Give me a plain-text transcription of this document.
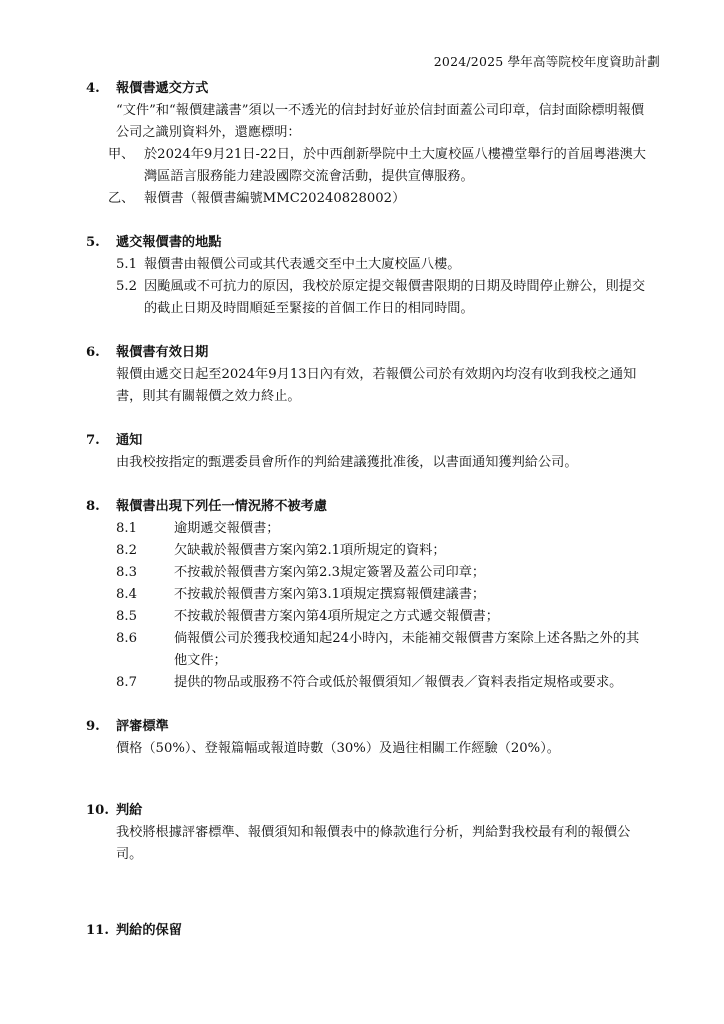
2024/2025 學年高等院校年度資助計劃
4.	報價書遞交方式

“文件”和“報價建議書”須以一不透光的信封封好並於信封面蓋公司印章，信封面除標明報價公司之識別資料外，還應標明：

甲、 於2024年9月21日-22日，於中西創新學院中土大廈校區八樓禮堂舉行的首屆粵港澳大灣區語言服務能力建設國際交流會活動，提供宣傳服務。
乙、 報價書（報價書編號MMC20240828002）
5.	遞交報價書的地點
5.1 報價書由報價公司或其代表遞交至中土大廈校區八樓。
5.2 因颱風或不可抗力的原因，我校於原定提交報價書限期的日期及時間停止辦公，則提交的截止日期及時間順延至緊接的首個工作日的相同時間。
6.	報價書有效日期

報價由遞交日起至2024年9月13日內有效，若報價公司於有效期內均沒有收到我校之通知書，則其有關報價之效力終止。

7.	通知

由我校按指定的甄選委員會所作的判給建議獲批准後，以書面通知獲判給公司。

8.	報價書出現下列任一情況將不被考慮
8.1	逾期遞交報價書；
8.2	欠缺載於報價書方案內第2.1項所規定的資料；
8.3	不按載於報價書方案內第2.3規定簽署及蓋公司印章；
8.4	不按載於報價書方案內第3.1項規定撰寫報價建議書；
8.5	不按載於報價書方案內第4項所規定之方式遞交報價書；
8.6	倘報價公司於獲我校通知起24小時內，未能補交報價書方案除上述各點之外的其他文件；
8.7	提供的物品或服務不符合或低於報價須知／報價表／資料表指定規格或要求。
9.	評審標準

價格（50%）、登報篇幅或報道時數（30%）及過往相關工作經驗（20%）。

10. 判給

我校將根據評審標準、報價須知和報價表中的條款進行分析，判給對我校最有利的報價公司。

11. 判給的保留
